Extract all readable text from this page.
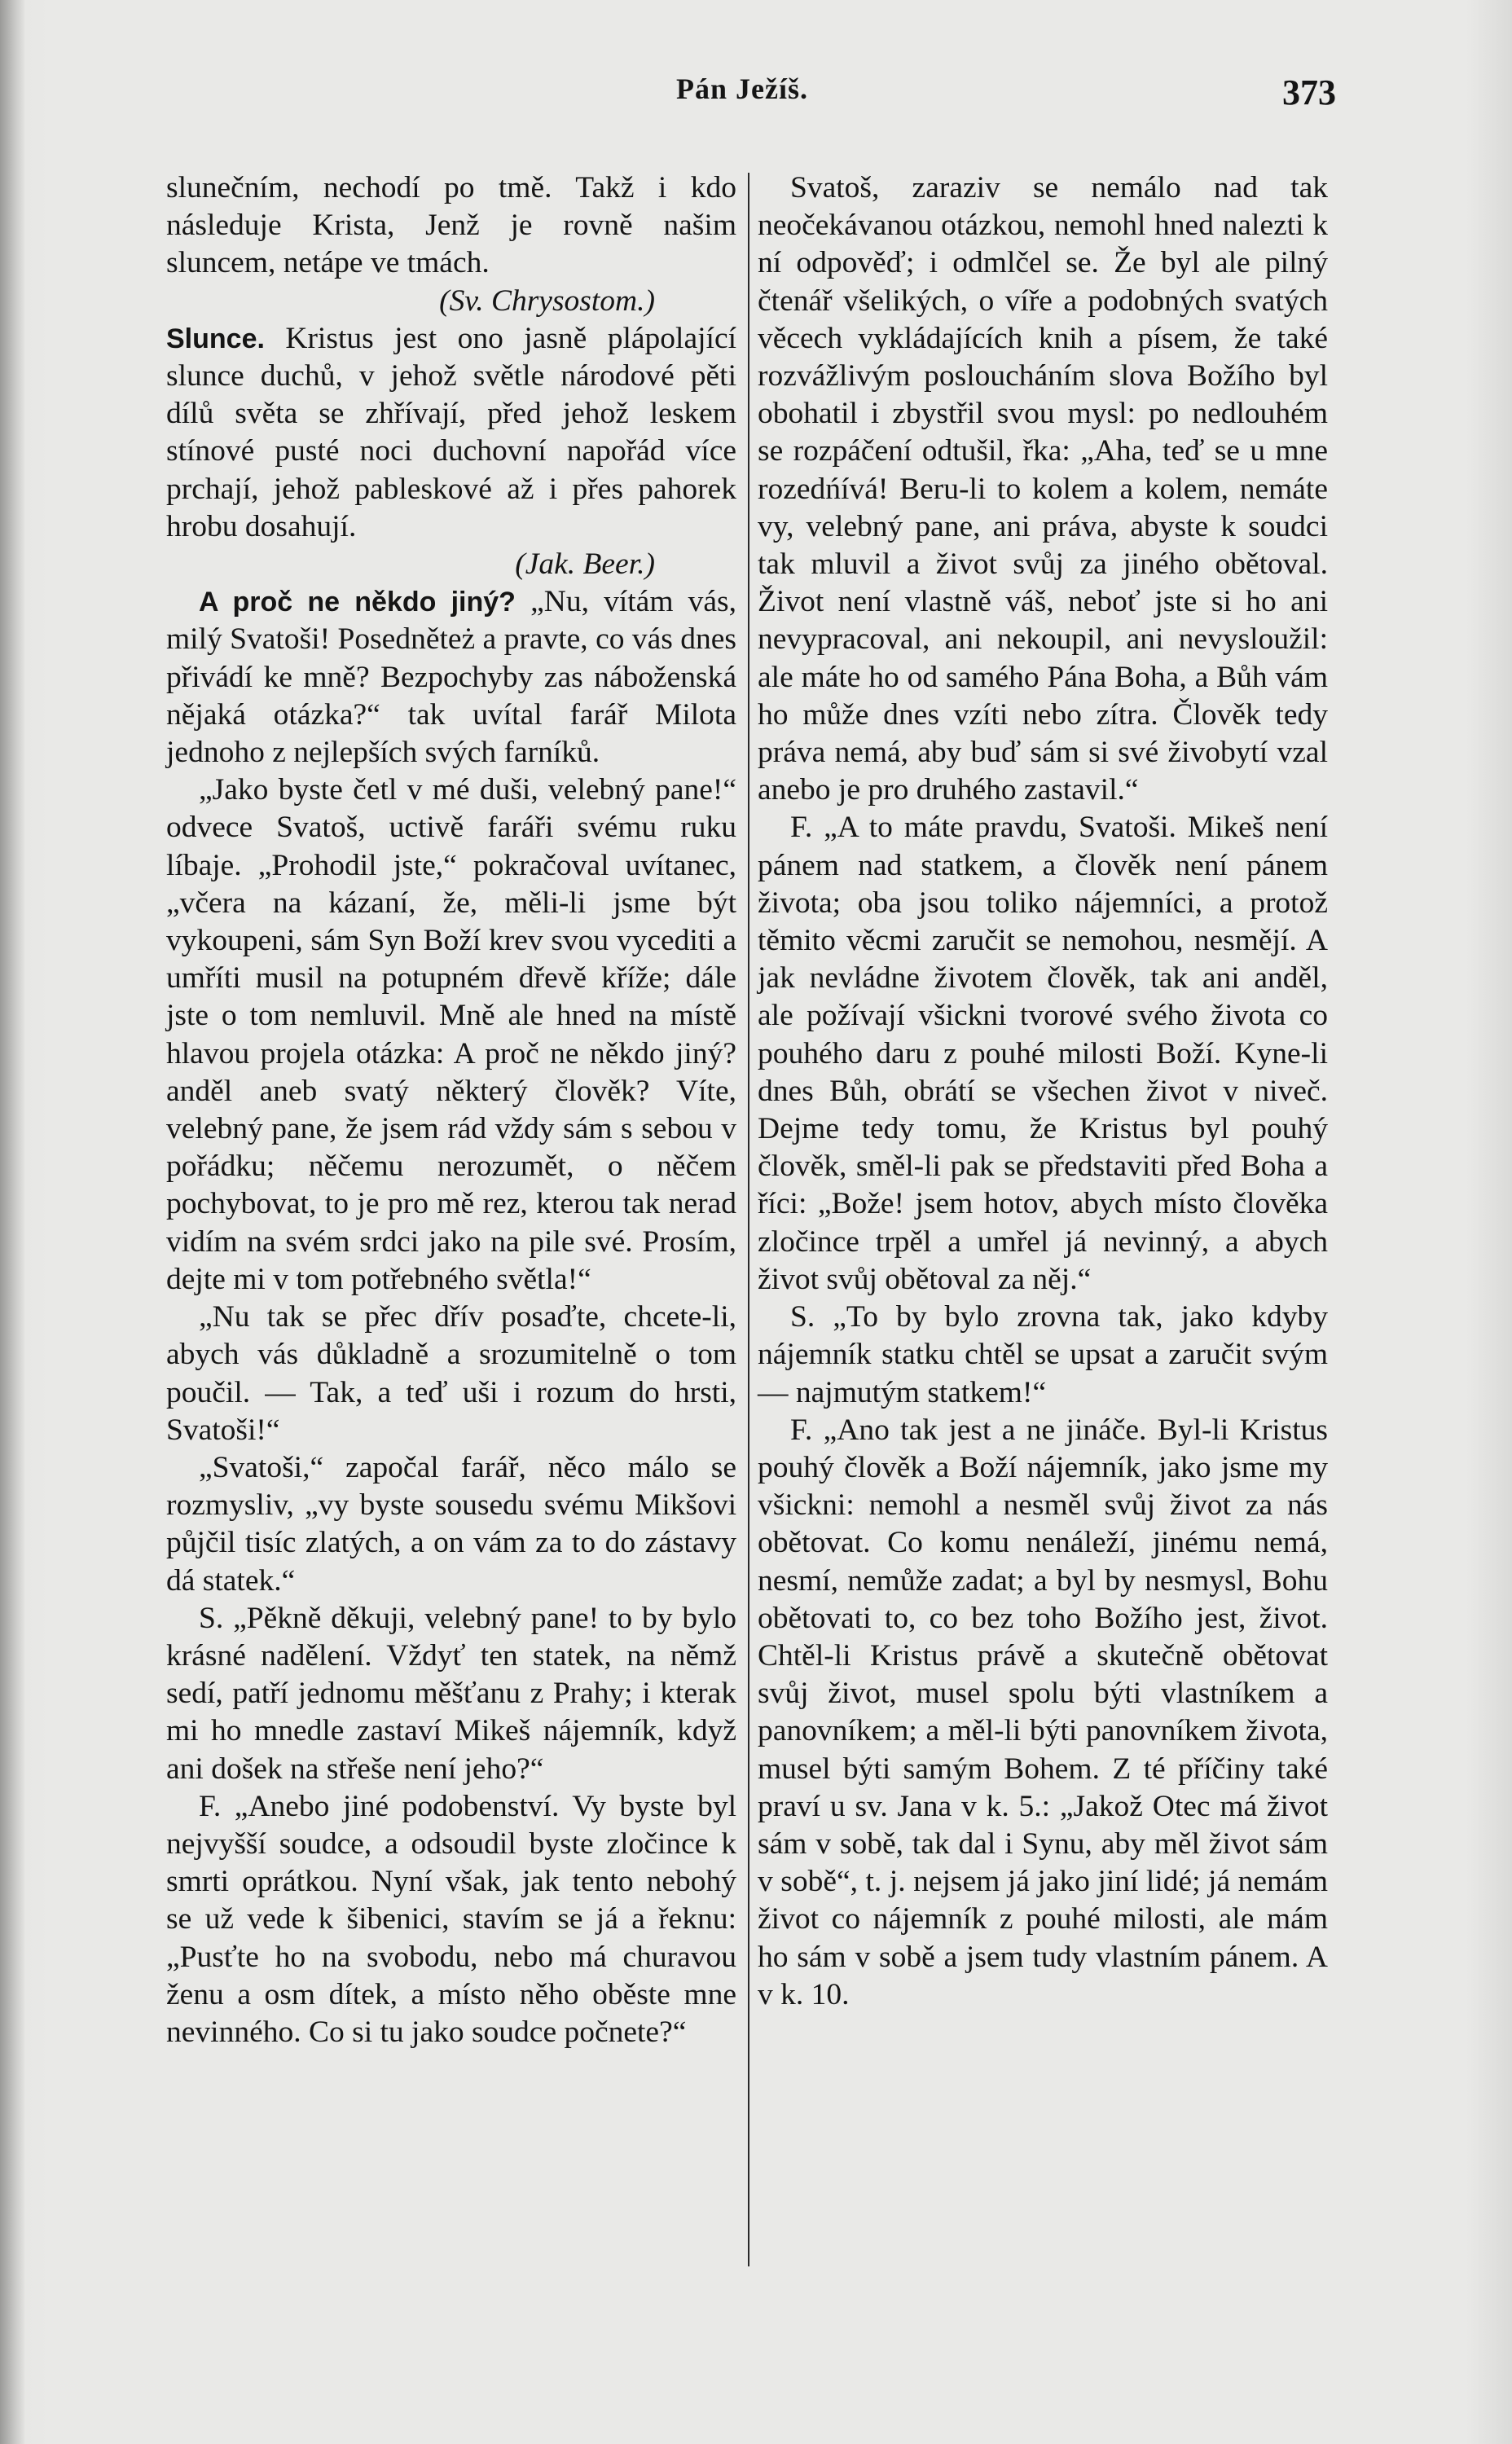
Pán Ježíš.	373

slunečním, nechodí po tmě. Takž i kdo následuje Krista, Jenž je rovně našim sluncem, netápe ve tmách.

(Sv. Chrysostom.)

Slunce. Kristus jest ono jasně plápolající slunce duchů, v jehož světle národové pěti dílů světa se zhřívají, před jehož leskem stínové pusté noci duchovní napořád více prchají, jehož pableskové až i přes pahorek hrobu dosahují.

(Jak. Beer.)

A proč ne někdo jiný? „Nu, vítám vás, milý Svatoši! Posedněteż a pravte, co vás dnes přivádí ke mně? Bezpochyby zas náboženská nějaká otázka?“ tak uvítal farář Milota jednoho z nejlepších svých farníků.

„Jako byste četl v mé duši, velebný pane!“ odvece Svatoš, uctivě faráři svému ruku líbaje. „Prohodil jste,“ pokračoval uvítanec, „včera na kázaní, že, měli-li jsme být vykoupeni, sám Syn Boží krev svou vycediti a umříti musil na potupném dřevě kříže; dále jste o tom nemluvil. Mně ale hned na místě hlavou projela otázka: A proč ne někdo jiný? anděl aneb svatý některý člověk? Víte, velebný pane, že jsem rád vždy sám s sebou v pořádku; něčemu nerozumět, o něčem pochybovat, to je pro mě rez, kterou tak nerad vidím na svém srdci jako na pile své. Prosím, dejte mi v tom potřebného světla!“

„Nu tak se přec dřív posaďte, chcete-li, abych vás důkladně a srozumitelně o tom poučil. — Tak, a teď uši i rozum do hrsti, Svatoši!“

„Svatoši,“ započal farář, něco málo se rozmysliv, „vy byste sousedu svému Mikšovi půjčil tisíc zlatých, a on vám za to do zástavy dá statek.“

S. „Pěkně děkuji, velebný pane! to by bylo krásné nadělení. Vždyť ten statek, na němž sedí, patří jednomu měšťanu z Prahy; i kterak mi ho mnedle zastaví Mikeš nájemník, když ani došek na střeše není jeho?“

F. „Anebo jiné podobenství. Vy byste byl nejvyšší soudce, a odsoudil byste zločince k smrti oprátkou. Nyní však, jak tento nebohý se už vede k šibenici, stavím se já a řeknu: „Pusťte ho na svobodu, nebo má churavou ženu a osm dítek, a místo něho oběste mne nevinného. Co si tu jako soudce počnete?“

Svatoš, zaraziv se nemálo nad tak neočekávanou otázkou, nemohl hned nalezti k ní odpověď; i odmlčel se. Že byl ale pilný čtenář všelikých, o víře a podobných svatých věcech vykládajících knih a písem, že také rozvážlivým posloucháním slova Božího byl obohatil i zbystřil svou mysl: po nedlouhém se rozpáčení odtušil, řka: „Aha, teď se u mne rozedńívá! Beru-li to kolem a kolem, nemáte vy, velebný pane, ani práva, abyste k soudci tak mluvil a život svůj za jiného obětoval. Život není vlastně váš, neboť jste si ho ani nevypracoval, ani nekoupil, ani nevysloužil: ale máte ho od samého Pána Boha, a Bůh vám ho může dnes vzíti nebo zítra. Člověk tedy práva nemá, aby buď sám si své živobytí vzal anebo je pro druhého zastavil.“

F. „A to máte pravdu, Svatoši. Mikeš není pánem nad statkem, a člověk není pánem života; oba jsou toliko nájemníci, a protož těmito věcmi zaručit se nemohou, nesmějí. A jak nevládne životem člověk, tak ani anděl, ale požívají všickni tvorové svého života co pouhého daru z pouhé milosti Boží. Kyne-li dnes Bůh, obrátí se všechen život v niveč. Dejme tedy tomu, že Kristus byl pouhý člověk, směl-li pak se představiti před Boha a říci: „Bože! jsem hotov, abych místo člověka zločince trpěl a umřel já nevinný, a abych život svůj obětoval za něj.“

S. „To by bylo zrovna tak, jako kdyby nájemník statku chtěl se upsat a zaručit svým — najmutým statkem!“

F. „Ano tak jest a ne jináče. Byl-li Kristus pouhý člověk a Boží nájemník, jako jsme my všickni: nemohl a nesměl svůj život za nás obětovat. Co komu nenáleží, jinému nemá, nesmí, nemůže zadat; a byl by nesmysl, Bohu obětovati to, co bez toho Božího jest, život. Chtěl-li Kristus právě a skutečně obětovat svůj život, musel spolu býti vlastníkem a panovníkem; a měl-li býti panovníkem života, musel býti samým Bohem. Z té příčiny také praví u sv. Jana v k. 5.: „Jakož Otec má život sám v sobě, tak dal i Synu, aby měl život sám v sobě“, t. j. nejsem já jako jiní lidé; já nemám život co nájemník z pouhé milosti, ale mám ho sám v sobě a jsem tudy vlastním pánem. A v k. 10.
